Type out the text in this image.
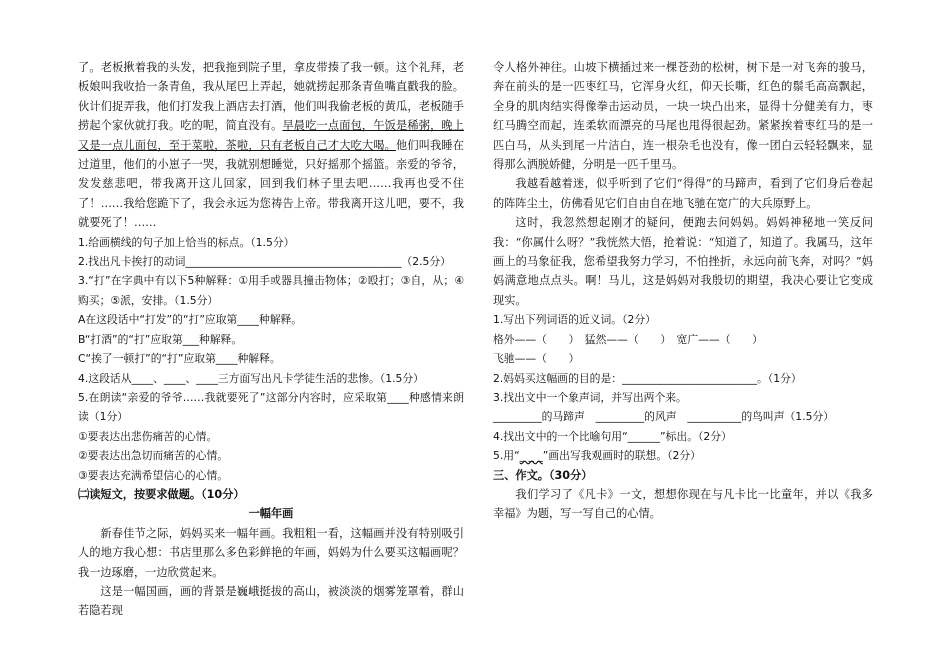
了。老板揪着我的头发，把我拖到院子里，拿皮带揍了我一顿。这个礼拜，老板娘叫我收拾一条青鱼，我从尾巴上弄起，她就捞起那条青鱼嘴直戳我的脸。伙计们捉弄我，他们打发我上酒店去打酒，他们叫我偷老板的黄瓜，老板随手捞起个家伙就打我。吃的呢，简直没有。早晨吃一点面包，午饭是稀粥，晚上又是一点儿面包，至于菜啦，茶啦，只有老板自己才大吃大喝。他们叫我睡在过道里，他们的小崽子一哭，我就别想睡觉，只好摇那个摇篮。亲爱的爷爷，发发慈悲吧，带我离开这儿回家，回到我们林子里去吧……我再也受不住了！……我给您跪下了，我会永远为您祷告上帝。带我离开这儿吧，要不，我就要死了！……

1.给画横线的句子加上恰当的标点。（1.5分）

2.找出凡卡挨打的动词________________________________________（2.5分）

3.“打”在字典中有以下5种解释：①用手或器具撞击物体；②殴打；③自，从；④购买；⑤派，安排。（1.5分）

A在这段话中“打发”的“打”应取第____种解释。

B“打酒”的“打”应取第___种解释。

C“挨了一顿打”的“打”应取第____种解释。

4.这段话从____、____、____三方面写出凡卡学徒生活的悲惨。（1.5分）

5.在朗读“亲爱的爷爷……我就要死了”这部分内容时，应采取第____种感情来朗读（1分）

①要表达出悲伤痛苦的心情。

②要表达出急切而痛苦的心情。

③要表达充满希望信心的心情。

㈡读短文，按要求做题。（10分）

一幅年画

新春佳节之际，妈妈买来一幅年画。我粗粗一看，这幅画并没有特别吸引人的地方我心想：书店里那么多色彩鲜艳的年画，妈妈为什么要买这幅画呢？我一边琢磨，一边欣赏起来。

这是一幅国画，画的背景是巍峨挺拔的高山，被淡淡的烟雾笼罩着，群山若隐若现

令人格外神往。山坡下横插过来一棵苍劲的松树，树下是一对飞奔的骏马，奔在前头的是一匹枣红马，它浑身火红，仰天长嘶，红色的鬃毛高高飘起，全身的肌肉结实得像拳击运动员，一块一块凸出来，显得十分健美有力，枣红马腾空而起，连柔软而漂亮的马尾也甩得很起劲。紧紧挨着枣红马的是一匹白马，从头到尾一片洁白，连一根杂毛也没有，像一团白云轻轻飘来，显得那么洒脱娇健，分明是一匹千里马。

我越看越着迷，似乎听到了它们“得得”的马蹄声，看到了它们身后卷起的阵阵尘土，仿佛看见它们自由自在地飞驰在宽广的大兵原野上。

这时，我忽然想起刚才的疑问，便跑去问妈妈。妈妈神秘地一笑反问我：“你属什么呀？”我恍然大悟，抢着说：“知道了，知道了。我属马，这年画上的马象征我，您希望我努力学习，不怕挫折，永远向前飞奔，对吗？”妈妈满意地点点头。啊！马儿，这是妈妈对我殷切的期望，我决心要让它变成现实。

1.写出下列词语的近义词。（2分）

格外——（　　）　猛然——（　　）　宽广——（　　）

飞驰——（　　）

2.妈妈买这幅画的目的是：_________________________。（1分）

3.找出文中一个象声词，并写出两个来。

_________的马蹄声　_________的风声　__________的鸟叫声（1.5分）

4.找出文中的一个比喻句用“______”标出。（2分）

5.用“_ _ _”画出写我观画时的联想。（2分）

三、作文。（30分）

我们学习了《凡卡》一文，想想你现在与凡卡比一比童年，并以《我多幸福》为题，写一写自己的心情。
